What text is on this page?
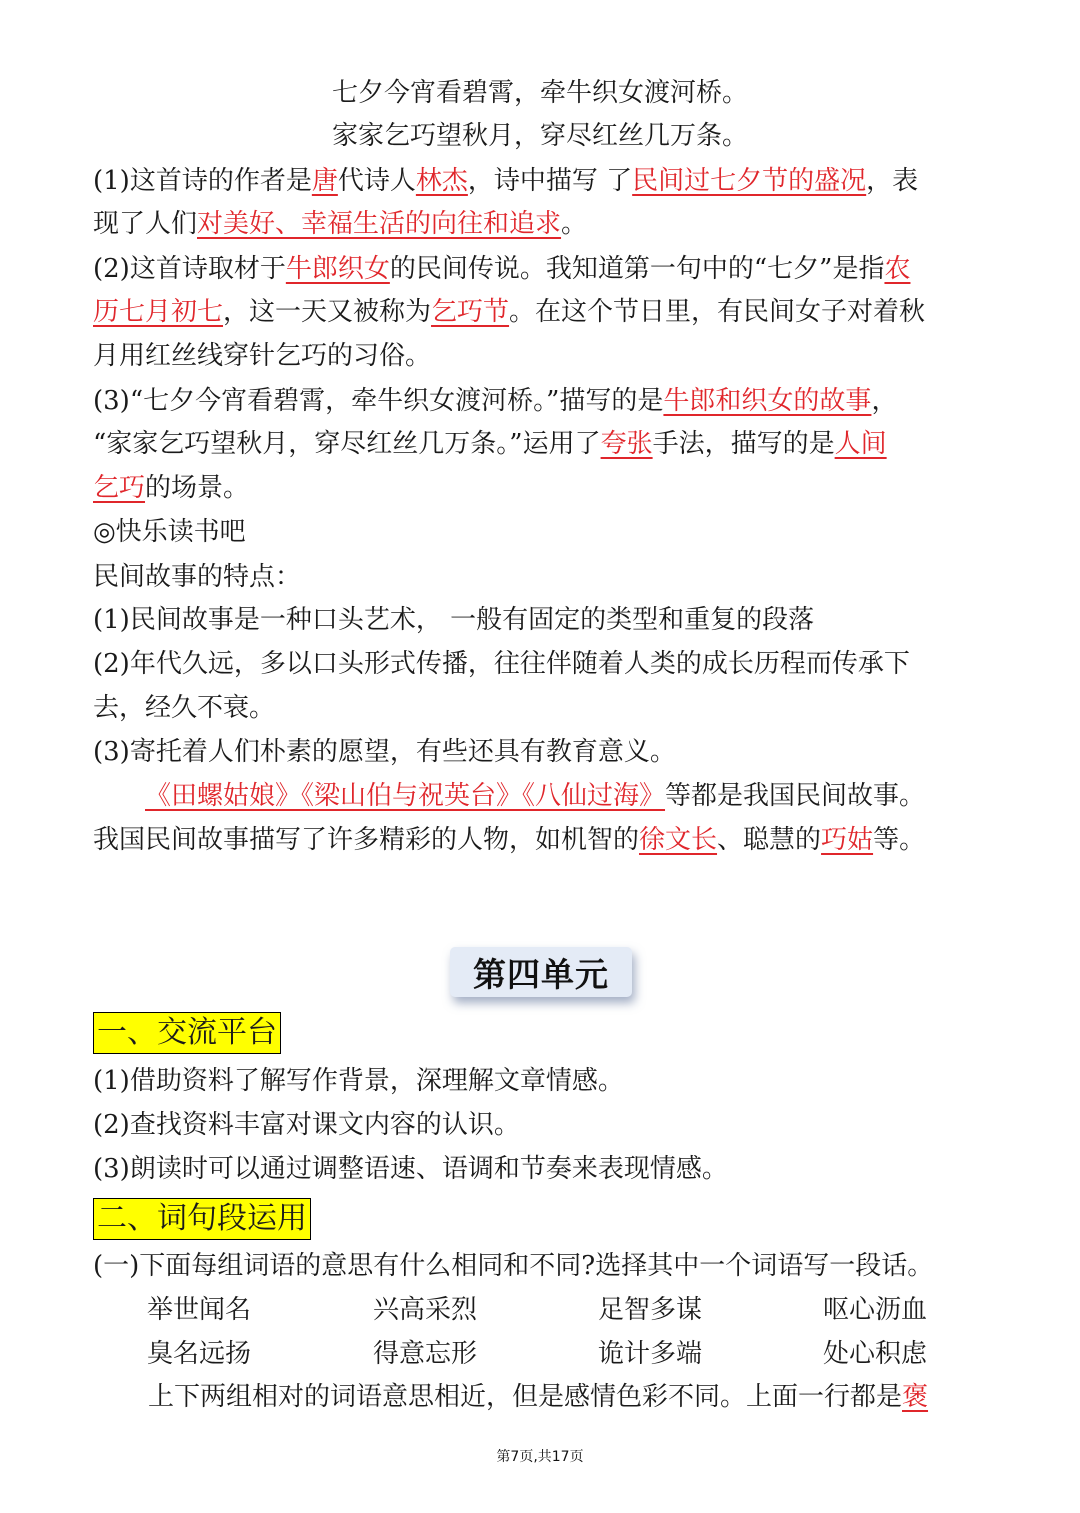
七夕今宵看碧霄，牵牛织女渡河桥。
家家乞巧望秋月，穿尽红丝几万条。
(1)这首诗的作者是唐代诗人林杰，诗中描写 了民间过七夕节的盛况，表
现了人们对美好、幸福生活的向往和追求。
(2)这首诗取材于牛郎织女的民间传说。我知道第一句中的“七夕”是指农
历七月初七，这一天又被称为乞巧节。在这个节日里，有民间女子对着秋
月用红丝线穿针乞巧的习俗。
(3)“七夕今宵看碧霄，牵牛织女渡河桥。”描写的是牛郎和织女的故事，
“家家乞巧望秋月，穿尽红丝几万条。”运用了夸张手法，描写的是人间
乞巧的场景。
◎快乐读书吧
民间故事的特点：
(1)民间故事是一种口头艺术， 一般有固定的类型和重复的段落
(2)年代久远，多以口头形式传播，往往伴随着人类的成长历程而传承下
去，经久不衰。
(3)寄托着人们朴素的愿望，有些还具有教育意义。
《田螺姑娘》《梁山伯与祝英台》《八仙过海》等都是我国民间故事。
我国民间故事描写了许多精彩的人物，如机智的徐文长、聪慧的巧姑等。
第四单元
一、交流平台
(1)借助资料了解写作背景，深理解文章情感。
(2)查找资料丰富对课文内容的认识。
(3)朗读时可以通过调整语速、语调和节奏来表现情感。
二、词句段运用
(一)下面每组词语的意思有什么相同和不同?选择其中一个词语写一段话。
举世闻名	兴高采烈	足智多谋	呕心沥血
臭名远扬	得意忘形	诡计多端	处心积虑
上下两组相对的词语意思相近，但是感情色彩不同。上面一行都是褒
第7页,共17页
